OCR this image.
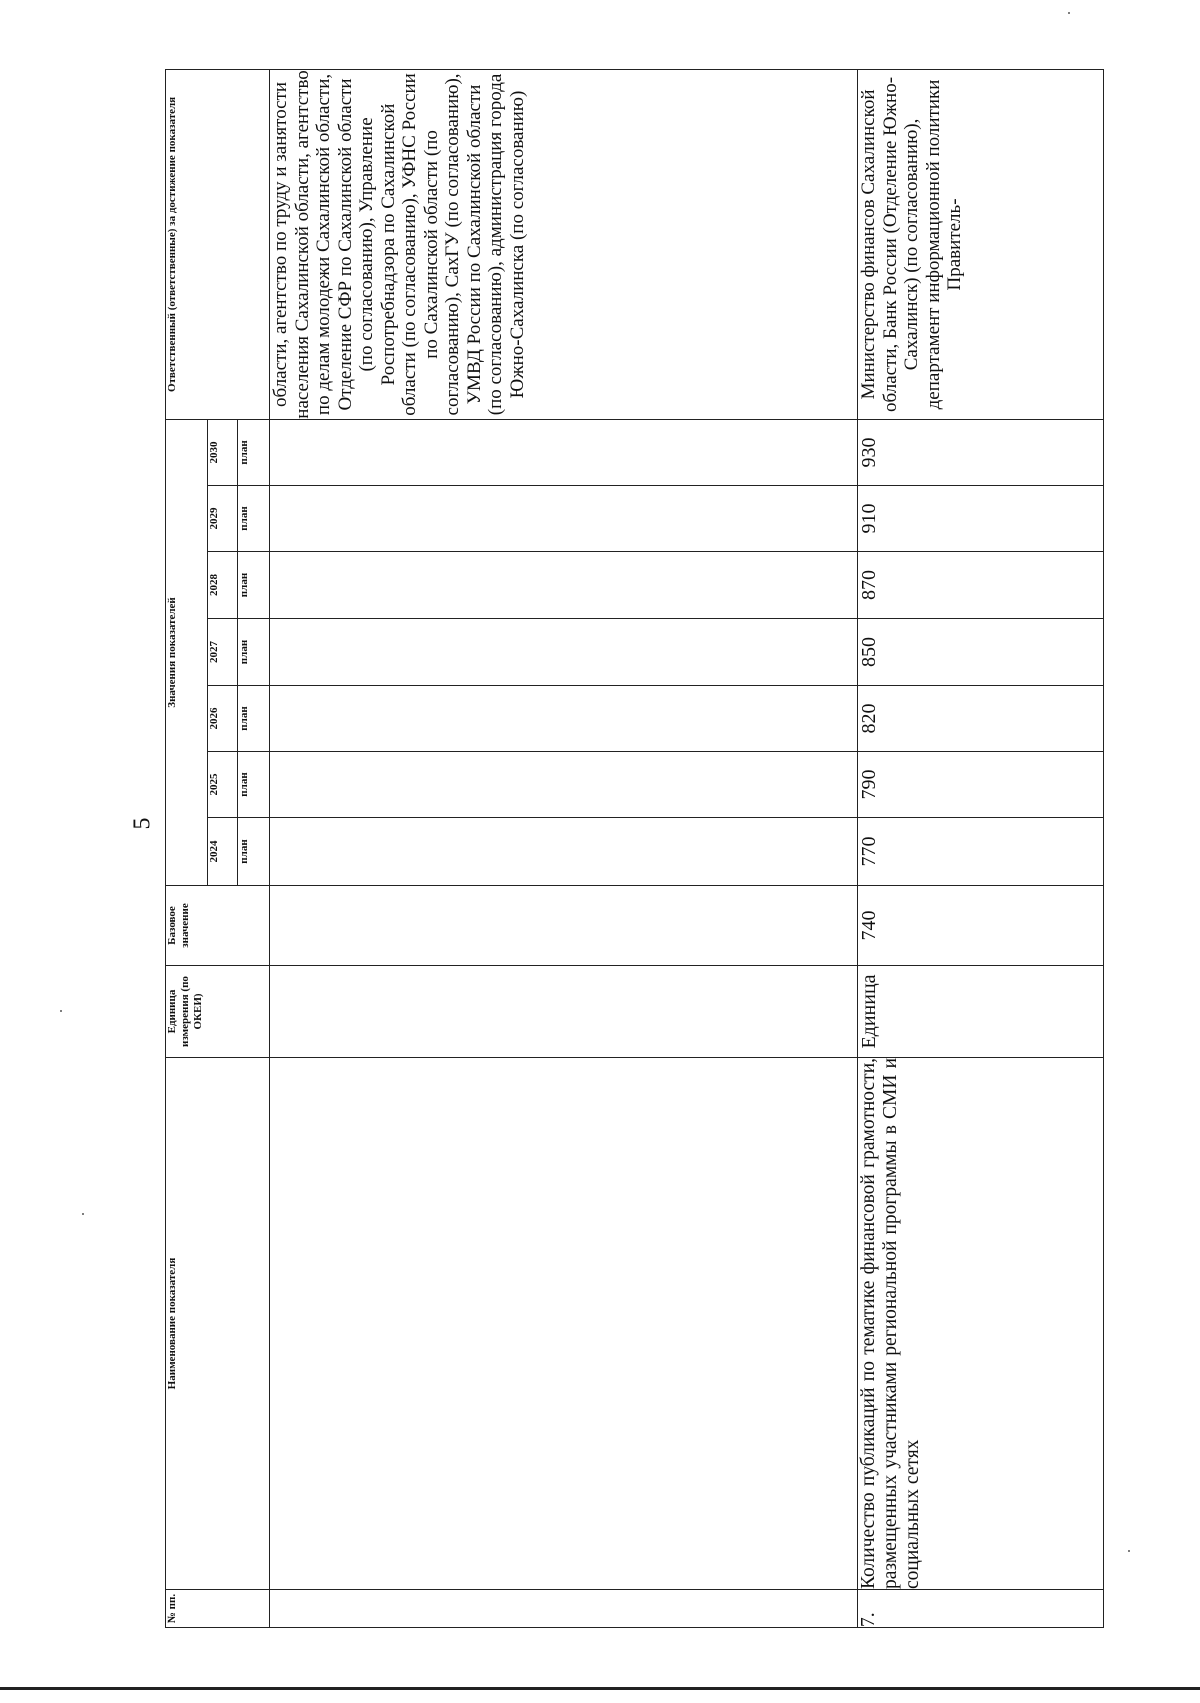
5
№ пп.	Наименование показателя	Единица измерения (по ОКЕИ)	Базовое значение	Значения показателей							Ответственный (ответственные) за достижение показателя
				2024	2025	2026	2027	2028	2029	2030	
				план	план	план	план	план	план	план	
											области, агентство по труду и занятости населения Сахалинской области, агентство по делам молодежи Сахалинской области, Отделение СФР по Сахалинской области (по согласованию), Управление Роспотребнадзора по Сахалинской области (по согласованию), УФНС России по Сахалинской области (по согласованию), СахГУ (по согласованию), УМВД России по Сахалинской области (по согласованию), администрация города Южно-Сахалинска (по согласованию)
7.	Количество публикаций по тематике финансовой грамотности, размещенных участниками региональной программы в СМИ и социальных сетях	Единица	740	770	790	820	850	870	910	930	Министерство финансов Сахалинской области, Банк России (Отделение Южно-Сахалинск) (по согласованию), департамент информационной политики Правитель-
